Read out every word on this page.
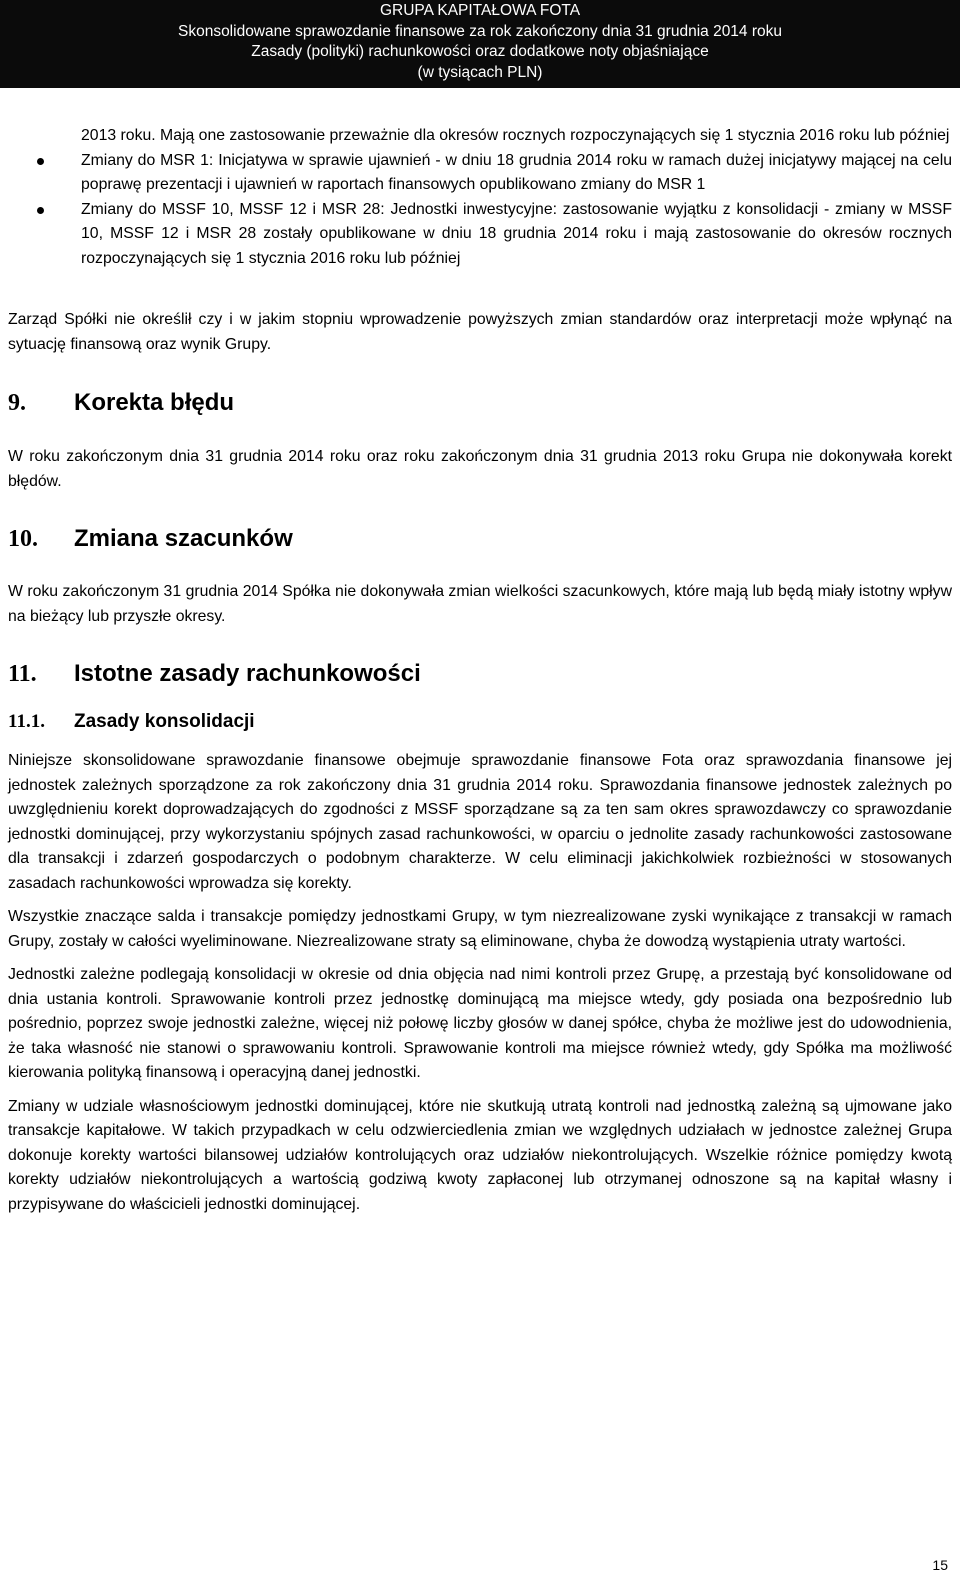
GRUPA KAPITAŁOWA FOTA
Skonsolidowane sprawozdanie finansowe za rok zakończony dnia 31 grudnia 2014 roku
Zasady (polityki) rachunkowości oraz dodatkowe noty objaśniające
(w tysiącach PLN)

2013 roku. Mają one zastosowanie przeważnie dla okresów rocznych rozpoczynających się 1 stycznia 2016 roku lub później

Zmiany do MSR 1: Inicjatywa w sprawie ujawnień - w dniu 18 grudnia 2014 roku w ramach dużej inicjatywy mającej na celu poprawę prezentacji i ujawnień w raportach finansowych opublikowano zmiany do MSR 1
Zmiany do MSSF 10, MSSF 12 i MSR 28: Jednostki inwestycyjne: zastosowanie wyjątku z konsolidacji - zmiany w MSSF 10, MSSF 12 i MSR 28 zostały opublikowane w dniu 18 grudnia 2014 roku i mają zastosowanie do okresów rocznych rozpoczynających się 1 stycznia 2016 roku lub później

Zarząd Spółki nie określił czy i w jakim stopniu wprowadzenie powyższych zmian standardów oraz interpretacji może wpłynąć na sytuację finansową oraz wynik Grupy.

9.	Korekta błędu

W roku zakończonym dnia 31 grudnia 2014 roku oraz roku zakończonym dnia 31 grudnia 2013 roku Grupa nie dokonywała korekt błędów.

10.	Zmiana szacunków

W roku zakończonym 31 grudnia 2014 Spółka nie dokonywała zmian wielkości szacunkowych, które mają lub będą miały istotny wpływ na bieżący lub przyszłe okresy.

11.	Istotne zasady rachunkowości
11.1.	Zasady konsolidacji

Niniejsze skonsolidowane sprawozdanie finansowe obejmuje sprawozdanie finansowe Fota oraz sprawozdania finansowe jej jednostek zależnych sporządzone za rok zakończony dnia 31 grudnia 2014 roku. Sprawozdania finansowe jednostek zależnych po uwzględnieniu korekt doprowadzających do zgodności z MSSF sporządzane są za ten sam okres sprawozdawczy co sprawozdanie jednostki dominującej, przy wykorzystaniu spójnych zasad rachunkowości, w oparciu o jednolite zasady rachunkowości zastosowane dla transakcji i zdarzeń gospodarczych o podobnym charakterze. W celu eliminacji jakichkolwiek rozbieżności w stosowanych zasadach rachunkowości wprowadza się korekty.

Wszystkie znaczące salda i transakcje pomiędzy jednostkami Grupy, w tym niezrealizowane zyski wynikające z transakcji w ramach Grupy, zostały w całości wyeliminowane. Niezrealizowane straty są eliminowane, chyba że dowodzą wystąpienia utraty wartości.

Jednostki zależne podlegają konsolidacji w okresie od dnia objęcia nad nimi kontroli przez Grupę, a przestają być konsolidowane od dnia ustania kontroli. Sprawowanie kontroli przez jednostkę dominującą ma miejsce wtedy, gdy posiada ona bezpośrednio lub pośrednio, poprzez swoje jednostki zależne, więcej niż połowę liczby głosów w danej spółce, chyba że możliwe jest do udowodnienia, że taka własność nie stanowi o sprawowaniu kontroli. Sprawowanie kontroli ma miejsce również wtedy, gdy Spółka ma możliwość kierowania polityką finansową i operacyjną danej jednostki.

Zmiany w udziale własnościowym jednostki dominującej, które nie skutkują utratą kontroli nad jednostką zależną są ujmowane jako transakcje kapitałowe. W takich przypadkach w celu odzwierciedlenia zmian we względnych udziałach w jednostce zależnej Grupa dokonuje korekty wartości bilansowej udziałów kontrolujących oraz udziałów niekontrolujących. Wszelkie różnice pomiędzy kwotą korekty udziałów niekontrolujących a wartością godziwą kwoty zapłaconej lub otrzymanej odnoszone są na kapitał własny i przypisywane do właścicieli jednostki dominującej.

15
